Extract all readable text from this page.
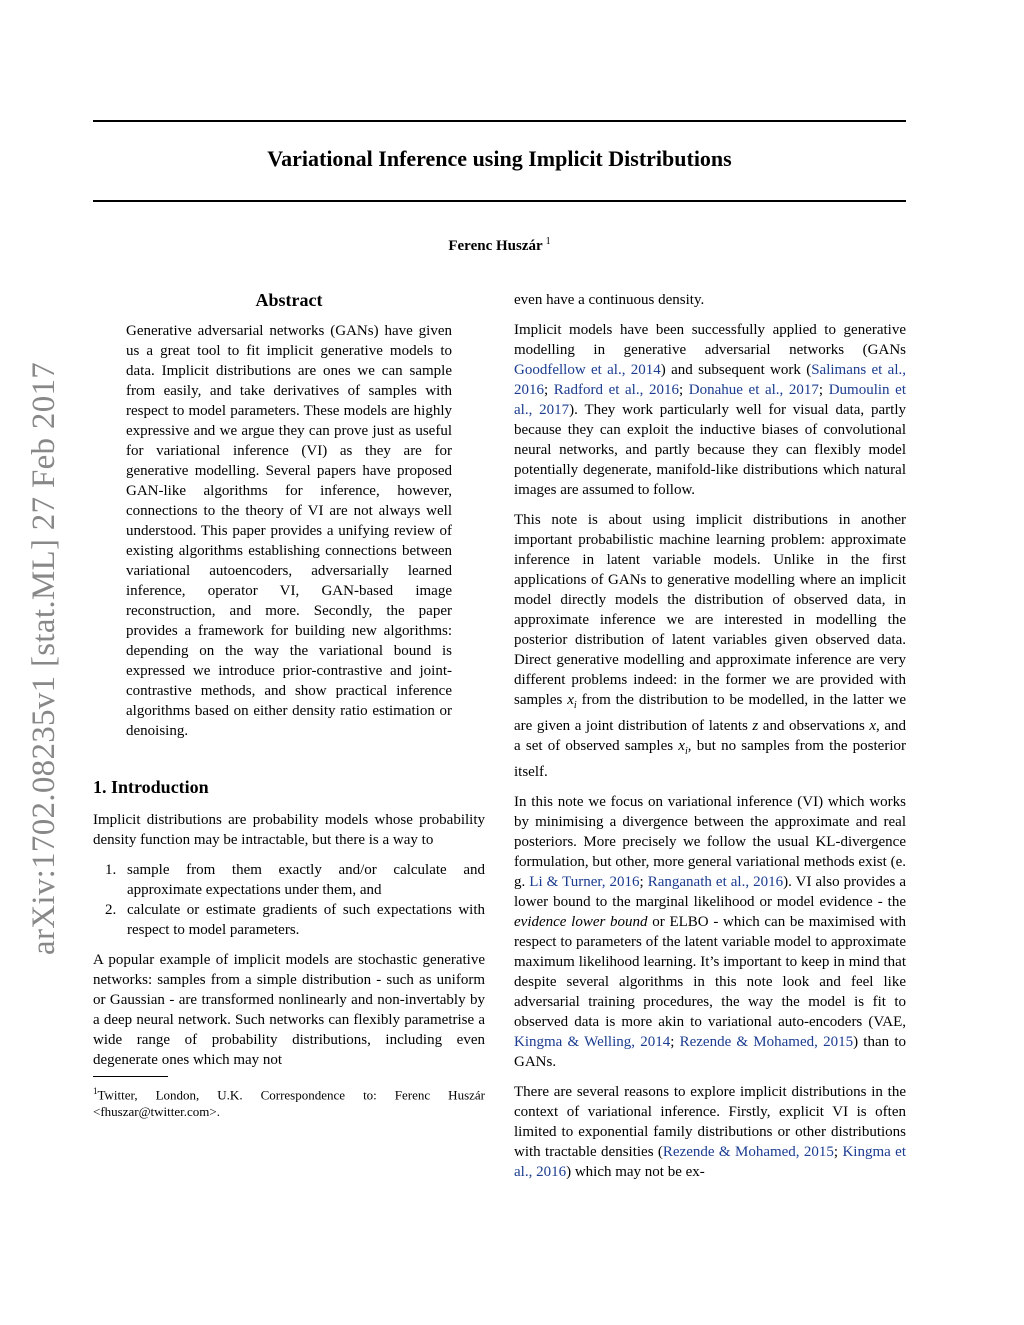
Variational Inference using Implicit Distributions
Ferenc Huszár $^1$
arXiv:1702.08235v1 [stat.ML] 27 Feb 2017
Abstract

Generative adversarial networks (GANs) have given us a great tool to fit implicit generative models to data. Implicit distributions are ones we can sample from easily, and take derivatives of samples with respect to model parameters. These models are highly expressive and we argue they can prove just as useful for variational inference (VI) as they are for generative modelling. Several papers have proposed GAN-like algorithms for inference, however, connections to the theory of VI are not always well understood. This paper provides a unifying review of existing algorithms establishing connections between variational autoencoders, adversarially learned inference, operator VI, GAN-based image reconstruction, and more. Secondly, the paper provides a framework for building new algorithms: depending on the way the variational bound is expressed we introduce prior-contrastive and joint-contrastive methods, and show practical inference algorithms based on either density ratio estimation or denoising.

1. Introduction

Implicit distributions are probability models whose probability density function may be intractable, but there is a way to

1. sample from them exactly and/or calculate and approximate expectations under them, and
2. calculate or estimate gradients of such expectations with respect to model parameters.

A popular example of implicit models are stochastic generative networks: samples from a simple distribution - such as uniform or Gaussian - are transformed nonlinearly and non-invertably by a deep neural network. Such networks can flexibly parametrise a wide range of probability distributions, including even degenerate ones which may not

$^1$Twitter, London, U.K. Correspondence to: Ferenc Huszár <fhuszar@twitter.com>.

even have a continuous density.

Implicit models have been successfully applied to generative modelling in generative adversarial networks (GANs Goodfellow et al., 2014) and subsequent work (Salimans et al., 2016; Radford et al., 2016; Donahue et al., 2017; Dumoulin et al., 2017). They work particularly well for visual data, partly because they can exploit the inductive biases of convolutional neural networks, and partly because they can flexibly model potentially degenerate, manifold-like distributions which natural images are assumed to follow.

This note is about using implicit distributions in another important probabilistic machine learning problem: approximate inference in latent variable models. Unlike in the first applications of GANs to generative modelling where an implicit model directly models the distribution of observed data, in approximate inference we are interested in modelling the posterior distribution of latent variables given observed data. Direct generative modelling and approximate inference are very different problems indeed: in the former we are provided with samples $x_i$ from the distribution to be modelled, in the latter we are given a joint distribution of latents z and observations x, and a set of observed samples $x_i$, but no samples from the posterior itself.

In this note we focus on variational inference (VI) which works by minimising a divergence between the approximate and real posteriors. More precisely we follow the usual KL-divergence formulation, but other, more general variational methods exist (e. g. Li & Turner, 2016; Ranganath et al., 2016). VI also provides a lower bound to the marginal likelihood or model evidence - the evidence lower bound or ELBO - which can be maximised with respect to parameters of the latent variable model to approximate maximum likelihood learning. It’s important to keep in mind that despite several algorithms in this note look and feel like adversarial training procedures, the way the model is fit to observed data is more akin to variational auto-encoders (VAE, Kingma & Welling, 2014; Rezende & Mohamed, 2015) than to GANs.

There are several reasons to explore implicit distributions in the context of variational inference. Firstly, explicit VI is often limited to exponential family distributions or other distributions with tractable densities (Rezende & Mohamed, 2015; Kingma et al., 2016) which may not be ex-
